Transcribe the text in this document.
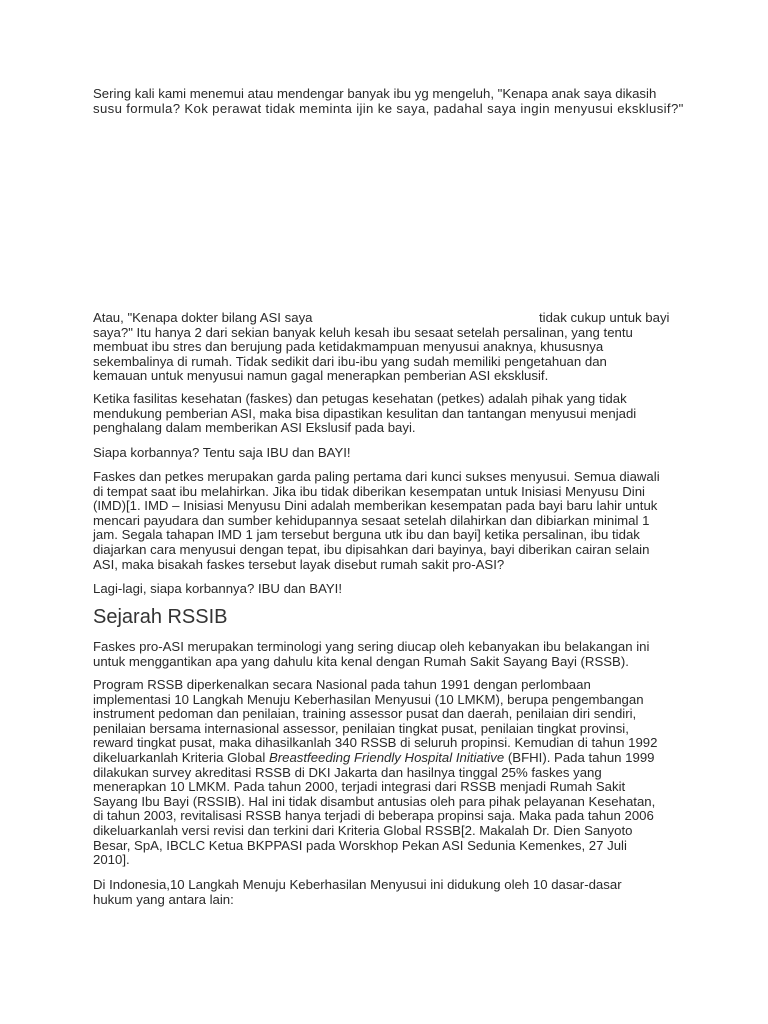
Sering kali kami menemui atau mendengar banyak ibu yg mengeluh, "Kenapa anak saya dikasih
susu formula? Kok perawat tidak meminta ijin ke saya, padahal saya ingin menyusui eksklusif?"

Atau, "Kenapa dokter bilang ASI saya	tidak cukup untuk bayi
saya?" Itu hanya 2 dari sekian banyak keluh kesah ibu sesaat setelah persalinan, yang tentu
membuat ibu stres dan berujung pada ketidakmampuan menyusui anaknya, khususnya
sekembalinya di rumah. Tidak sedikit dari ibu-ibu yang sudah memiliki pengetahuan dan
kemauan untuk menyusui namun gagal menerapkan pemberian ASI eksklusif.

Ketika fasilitas kesehatan (faskes) dan petugas kesehatan (petkes) adalah pihak yang tidak
mendukung pemberian ASI, maka bisa dipastikan kesulitan dan tantangan menyusui menjadi
penghalang dalam memberikan ASI Ekslusif pada bayi.

Siapa korbannya? Tentu saja IBU dan BAYI!

Faskes dan petkes merupakan garda paling pertama dari kunci sukses menyusui. Semua diawali
di tempat saat ibu melahirkan. Jika ibu tidak diberikan kesempatan untuk Inisiasi Menyusu Dini
(IMD)[1. IMD – Inisiasi Menyusu Dini adalah memberikan kesempatan pada bayi baru lahir untuk
mencari payudara dan sumber kehidupannya sesaat setelah dilahirkan dan dibiarkan minimal 1
jam. Segala tahapan IMD 1 jam tersebut berguna utk ibu dan bayi] ketika persalinan, ibu tidak
diajarkan cara menyusui dengan tepat, ibu dipisahkan dari bayinya, bayi diberikan cairan selain
ASI, maka bisakah faskes tersebut layak disebut rumah sakit pro-ASI?

Lagi-lagi, siapa korbannya? IBU dan BAYI!

Sejarah RSSIB

Faskes pro-ASI merupakan terminologi yang sering diucap oleh kebanyakan ibu belakangan ini
untuk menggantikan apa yang dahulu kita kenal dengan Rumah Sakit Sayang Bayi (RSSB).

Program RSSB diperkenalkan secara Nasional pada tahun 1991 dengan perlombaan
implementasi 10 Langkah Menuju Keberhasilan Menyusui (10 LMKM), berupa pengembangan
instrument pedoman dan penilaian, training assessor pusat dan daerah, penilaian diri sendiri,
penilaian bersama internasional assessor, penilaian tingkat pusat, penilaian tingkat provinsi,
reward tingkat pusat, maka dihasilkanlah 340 RSSB di seluruh propinsi. Kemudian di tahun 1992
dikeluarkanlah Kriteria Global Breastfeeding Friendly Hospital Initiative (BFHI). Pada tahun 1999
dilakukan survey akreditasi RSSB di DKI Jakarta dan hasilnya tinggal 25% faskes yang
menerapkan 10 LMKM. Pada tahun 2000, terjadi integrasi dari RSSB menjadi Rumah Sakit
Sayang Ibu Bayi (RSSIB). Hal ini tidak disambut antusias oleh para pihak pelayanan Kesehatan,
di tahun 2003, revitalisasi RSSB hanya terjadi di beberapa propinsi saja. Maka pada tahun 2006
dikeluarkanlah versi revisi dan terkini dari Kriteria Global RSSB[2. Makalah Dr. Dien Sanyoto
Besar, SpA, IBCLC Ketua BKPPASI pada Worskhop Pekan ASI Sedunia Kemenkes, 27 Juli
2010].

Di Indonesia,10 Langkah Menuju Keberhasilan Menyusui ini didukung oleh 10 dasar-dasar
hukum yang antara lain:
